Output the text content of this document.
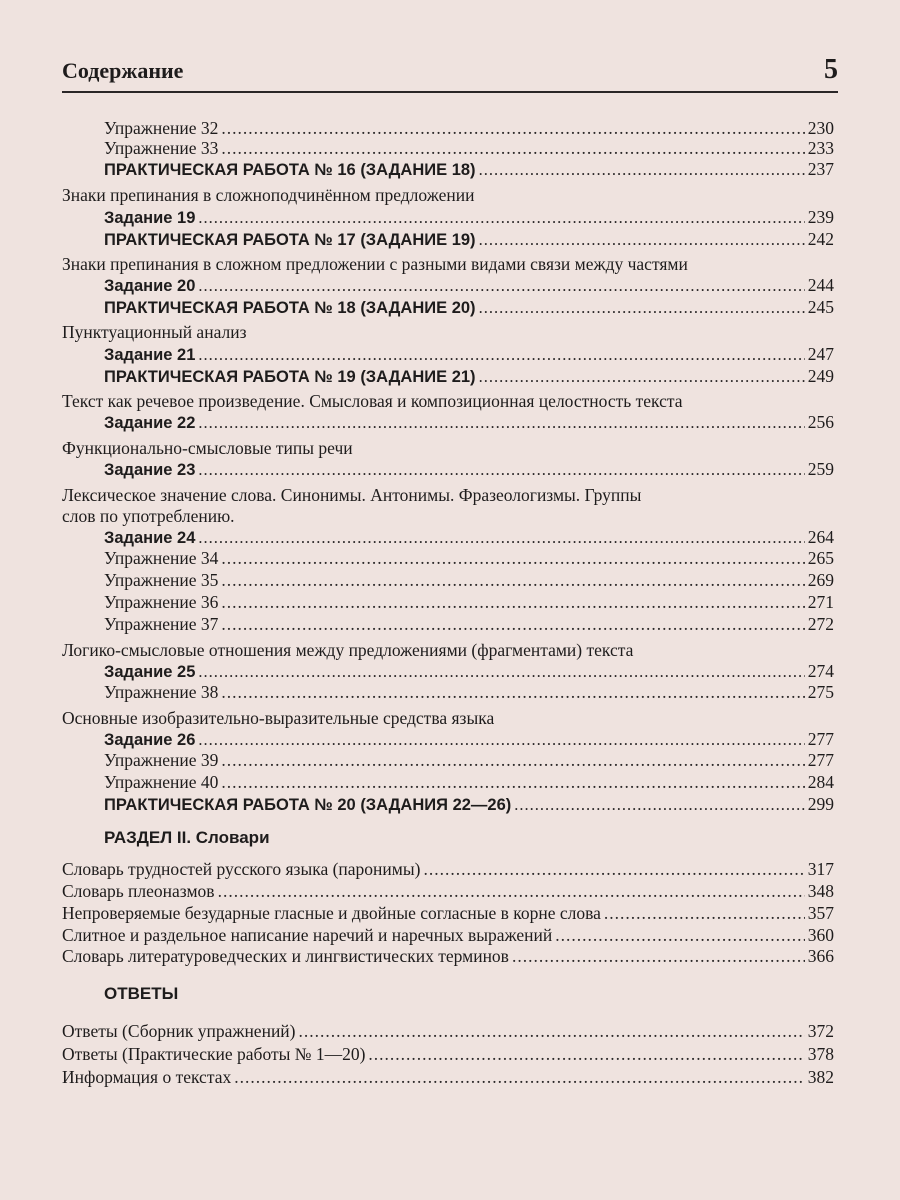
Содержание	5
Упражнение 32 .....	230
Упражнение 33 .....	233
ПРАКТИЧЕСКАЯ РАБОТА № 16 (ЗАДАНИЕ 18) .....	237
Знаки препинания в сложноподчинённом предложении
Задание 19 .....	239
ПРАКТИЧЕСКАЯ РАБОТА № 17 (ЗАДАНИЕ 19) .....	242
Знаки препинания в сложном предложении с разными видами связи между частями
Задание 20 .....	244
ПРАКТИЧЕСКАЯ РАБОТА № 18 (ЗАДАНИЕ 20) .....	245
Пунктуационный анализ
Задание 21 .....	247
ПРАКТИЧЕСКАЯ РАБОТА № 19 (ЗАДАНИЕ 21) .....	249
Текст как речевое произведение. Смысловая и композиционная целостность текста
Задание 22 .....	256
Функционально-смысловые типы речи
Задание 23 .....	259
Лексическое значение слова. Синонимы. Антонимы. Фразеологизмы. Группы
слов по употреблению.
Задание 24 .....	264
Упражнение 34 .....	265
Упражнение 35 .....	269
Упражнение 36 .....	271
Упражнение 37 .....	272
Логико-смысловые отношения между предложениями (фрагментами) текста
Задание 25 .....	274
Упражнение 38 .....	275
Основные изобразительно-выразительные средства языка
Задание 26 .....	277
Упражнение 39 .....	277
Упражнение 40 .....	284
ПРАКТИЧЕСКАЯ РАБОТА № 20 (ЗАДАНИЯ 22—26) .....	299
РАЗДЕЛ II. Словари
Словарь трудностей русского языка (паронимы) .....	317
Словарь плеоназмов .....	348
Непроверяемые безударные гласные и двойные согласные в корне слова .....	357
Слитное и раздельное написание наречий и наречных выражений .....	360
Словарь литературоведческих и лингвистических терминов .....	366
ОТВЕТЫ
Ответы (Сборник упражнений) .....	372
Ответы (Практические работы № 1—20) .....	378
Информация о текстах .....	382
